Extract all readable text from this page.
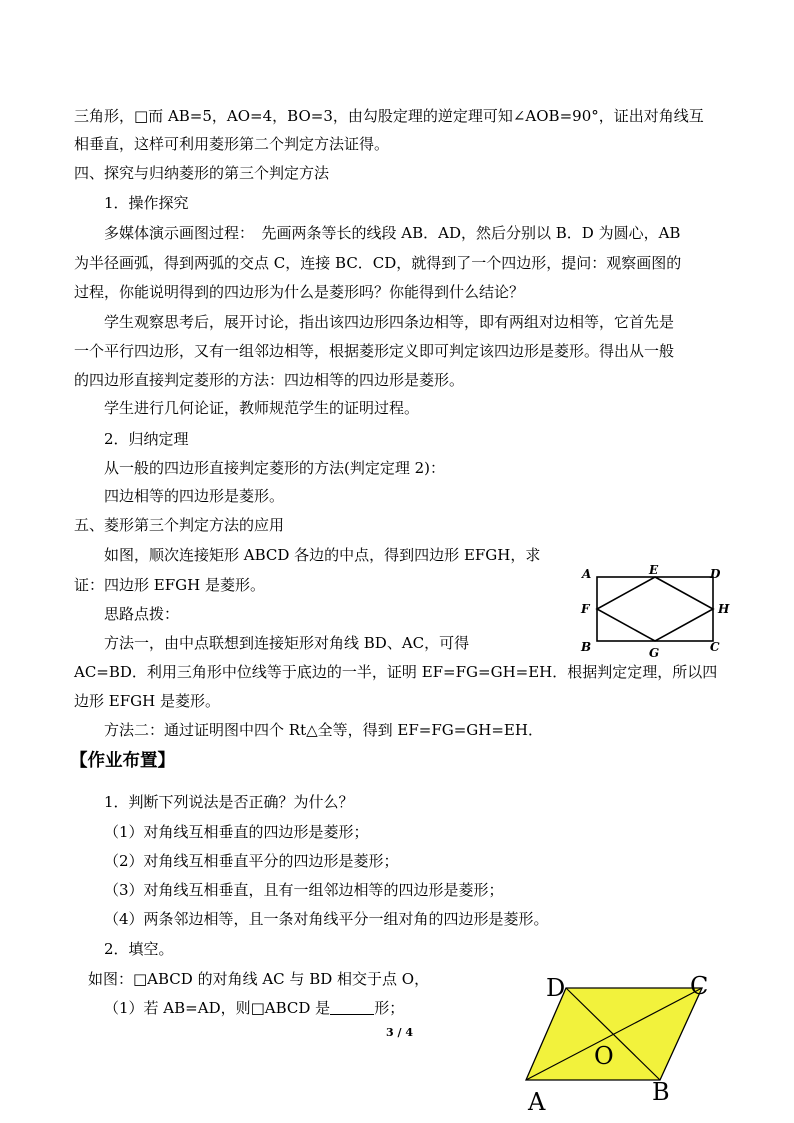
三角形，□而 AB=5，AO=4，BO=3，由勾股定理的逆定理可知∠AOB=90°，证出对角线互
相垂直，这样可利用菱形第二个判定方法证得。
四、探究与归纳菱形的第三个判定方法
1．操作探究
多媒体演示画图过程：　先画两条等长的线段 AB．AD，然后分别以 B．D 为圆心，AB
为半径画弧，得到两弧的交点 C，连接 BC．CD，就得到了一个四边形，提问：观察画图的
过程，你能说明得到的四边形为什么是菱形吗？你能得到什么结论？
学生观察思考后，展开讨论，指出该四边形四条边相等，即有两组对边相等，它首先是
一个平行四边形，又有一组邻边相等，根据菱形定义即可判定该四边形是菱形。得出从一般
的四边形直接判定菱形的方法：四边相等的四边形是菱形。
学生进行几何论证，教师规范学生的证明过程。
2．归纳定理
从一般的四边形直接判定菱形的方法(判定定理 2)：
四边相等的四边形是菱形。
五、菱形第三个判定方法的应用
如图，顺次连接矩形 ABCD 各边的中点，得到四边形 EFGH，求
证：四边形 EFGH 是菱形。
思路点拨：
方法一，由中点联想到连接矩形对角线 BD、AC，可得
AC=BD．利用三角形中位线等于底边的一半，证明 EF=FG=GH=EH．根据判定定理，所以四
边形 EFGH 是菱形。
方法二：通过证明图中四个 Rt△全等，得到 EF=FG=GH=EH．
【作业布置】
1．判断下列说法是否正确？为什么？
（1）对角线互相垂直的四边形是菱形；
（2）对角线互相垂直平分的四边形是菱形；
（3）对角线互相垂直，且有一组邻边相等的四边形是菱形；
（4）两条邻边相等，且一条对角线平分一组对角的四边形是菱形。
2．填空。
如图：□ABCD 的对角线 AC 与 BD 相交于点 O，
（1）若 AB=AD，则□ABCD 是	形；
3 / 4
A	E	D
F	H
B	G	C
D	C
O
A	B
